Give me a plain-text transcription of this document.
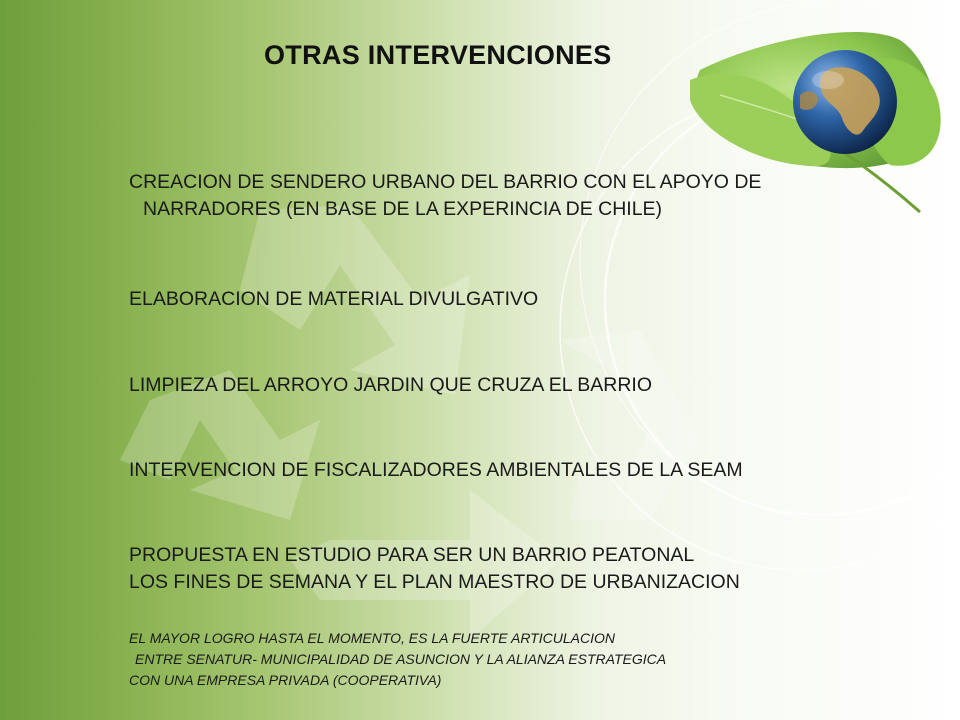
OTRAS INTERVENCIONES
CREACION DE SENDERO URBANO DEL BARRIO CON EL APOYO DE
NARRADORES (EN BASE DE LA EXPERINCIA DE CHILE)
ELABORACION DE MATERIAL DIVULGATIVO
LIMPIEZA DEL ARROYO JARDIN QUE CRUZA EL BARRIO
INTERVENCION DE FISCALIZADORES AMBIENTALES DE LA SEAM
PROPUESTA EN ESTUDIO PARA SER UN BARRIO PEATONAL
LOS FINES DE SEMANA Y EL PLAN MAESTRO DE URBANIZACION
EL MAYOR LOGRO HASTA EL MOMENTO, ES LA FUERTE ARTICULACION
ENTRE SENATUR- MUNICIPALIDAD DE ASUNCION Y LA ALIANZA ESTRATEGICA
CON UNA EMPRESA PRIVADA (COOPERATIVA)
